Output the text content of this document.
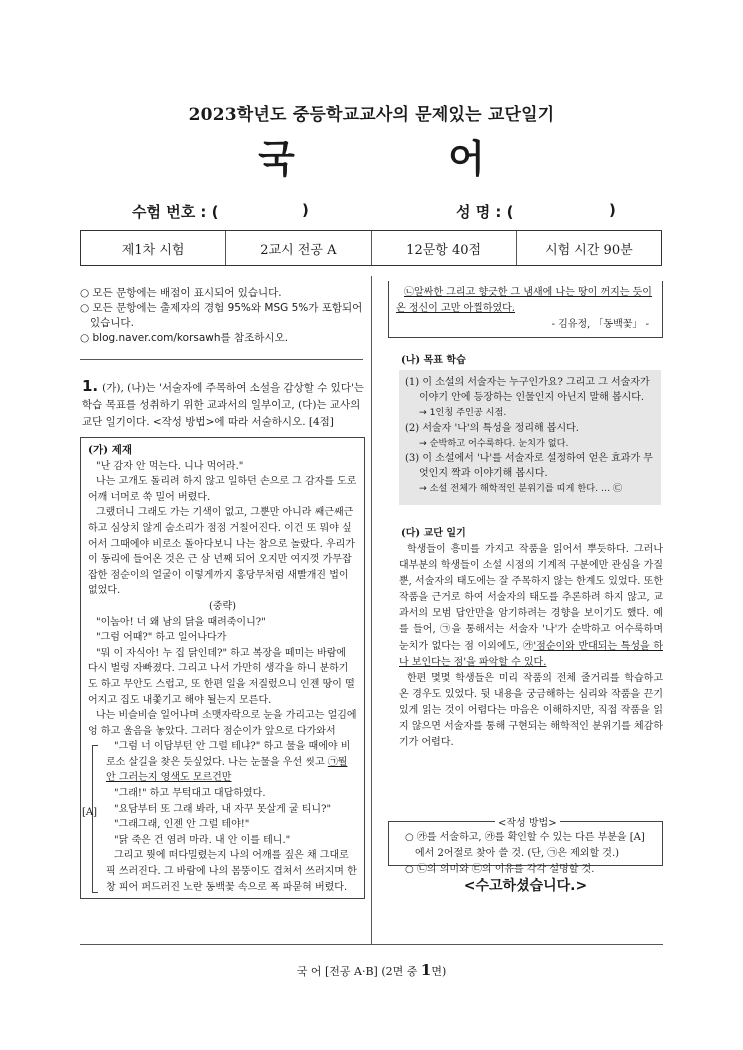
2023학년도 중등학교교사의 문제있는 교단일기
국 어
수험 번호 : (	)	성 명 : (	)
제1차 시험	2교시 전공 A	12문항 40점	시험 시간 90분
○ 모든 문항에는 배점이 표시되어 있습니다.
○ 모든 문항에는 출제자의 경험 95%와 MSG 5%가 포함되어 있습니다.
○ blog.naver.com/korsawh를 참조하시오.
1. (가), (나)는 '서술자에 주목하여 소설을 감상할 수 있다'는 학습 목표를 성취하기 위한 교과서의 일부이고, (다)는 교사의 교단 일기이다. <작성 방법>에 따라 서술하시오. [4점]
(가) 제재

"난 감자 안 먹는다. 니나 먹어라."

나는 고개도 돌리려 하지 않고 일하던 손으로 그 감자를 도로 어깨 너머로 쑥 밀어 버렸다.

그랬더니 그래도 가는 기색이 없고, 그뿐만 아니라 쌔근쌔근하고 심상치 않게 숨소리가 점점 거칠어진다. 이건 또 뭐야 싶어서 그때에야 비로소 돌아다보니 나는 참으로 놀랐다. 우리가 이 동리에 들어온 것은 근 삼 년째 되어 오지만 여지껏 가무잡잡한 점순이의 얼굴이 이렇게까지 홍당무처럼 새빨개진 법이 없었다.

(중략)

"이놈아! 너 왜 남의 닭을 때려죽이니?"

"그럼 어때?" 하고 일어나다가

"뭐 이 자식아! 누 집 닭인데?" 하고 복장을 떼미는 바람에 다시 벌렁 자빠졌다. 그리고 나서 가만히 생각을 하니 분하기도 하고 무안도 스럽고, 또 한편 일을 저질렀으니 인젠 땅이 떨어지고 집도 내쫓기고 해야 될는지 모른다.

나는 비슬비슬 일어나며 소맷자락으로 눈을 가리고는 얼김에 엉 하고 울음을 놓았다. 그러다 점순이가 앞으로 다가와서

[A]

"그럼 너 이담부턴 안 그럴 테냐?" 하고 물을 때에야 비로소 살길을 찾은 듯싶었다. 나는 눈물을 우선 씻고 ㉠뭘 안 그러는지 영색도 모르건만

"그래!" 하고 무턱대고 대답하였다.

"요담부터 또 그래 봐라, 내 자꾸 못살게 굴 티니?"

"그래그래, 인젠 안 그럴 테야!"

"닭 죽은 건 염려 마라. 내 안 이를 테니."

그리고 뭣에 떠다밀렸는지 나의 어깨를 짚은 채 그대로 픽 쓰러진다. 그 바람에 나의 몸뚱이도 겹쳐서 쓰러지며 한창 피어 퍼드러진 노란 동백꽃 속으로 폭 파묻혀 버렸다.

㉡알싸한 그리고 향긋한 그 냄새에 나는 땅이 꺼지는 듯이 온 정신이 고만 아찔하였다.

- 김유정, 「동백꽃」 -
(나) 목표 학습
(1) 이 소설의 서술자는 누구인가요? 그리고 그 서술자가 이야기 안에 등장하는 인물인지 아닌지 말해 봅시다.
→ 1인칭 주인공 시점.
(2) 서술자 '나'의 특성을 정리해 봅시다.
→ 순박하고 어수룩하다. 눈치가 없다.
(3) 이 소설에서 '나'를 서술자로 설정하여 얻은 효과가 무엇인지 짝과 이야기해 봅시다.
→ 소설 전체가 해학적인 분위기를 띠게 한다. … ㉢
(다) 교단 일기

학생들이 흥미를 가지고 작품을 읽어서 뿌듯하다. 그러나 대부분의 학생들이 소설 시점의 기계적 구분에만 관심을 가질 뿐, 서술자의 태도에는 잘 주목하지 않는 한계도 있었다. 또한 작품을 근거로 하여 서술자의 태도를 추론하려 하지 않고, 교과서의 모범 답안만을 암기하려는 경향을 보이기도 했다. 예를 들어, ㉠을 통해서는 서술자 '나'가 순박하고 어수룩하며 눈치가 없다는 점 이외에도, ㉮'점순이와 반대되는 특성을 하나 보인다는 점'을 파악할 수 있다.

한편 몇몇 학생들은 미리 작품의 전체 줄거리를 학습하고 온 경우도 있었다. 뒷 내용을 궁금해하는 심리와 작품을 끈기 있게 읽는 것이 어렵다는 마음은 이해하지만, 직접 작품을 읽지 않으면 서술자를 통해 구현되는 해학적인 분위기를 체감하기가 어렵다.

○ ㉮를 서술하고, ㉮를 확인할 수 있는 다른 부분을 [A]에서 2어절로 찾아 쓸 것. (단, ㉠은 제외할 것.)
○ ㉡의 의미와 ㉢의 이유를 각각 설명할 것.
<작성 방법>
<수고하셨습니다.>
국 어 [전공 A·B] (2면 중 1면)
